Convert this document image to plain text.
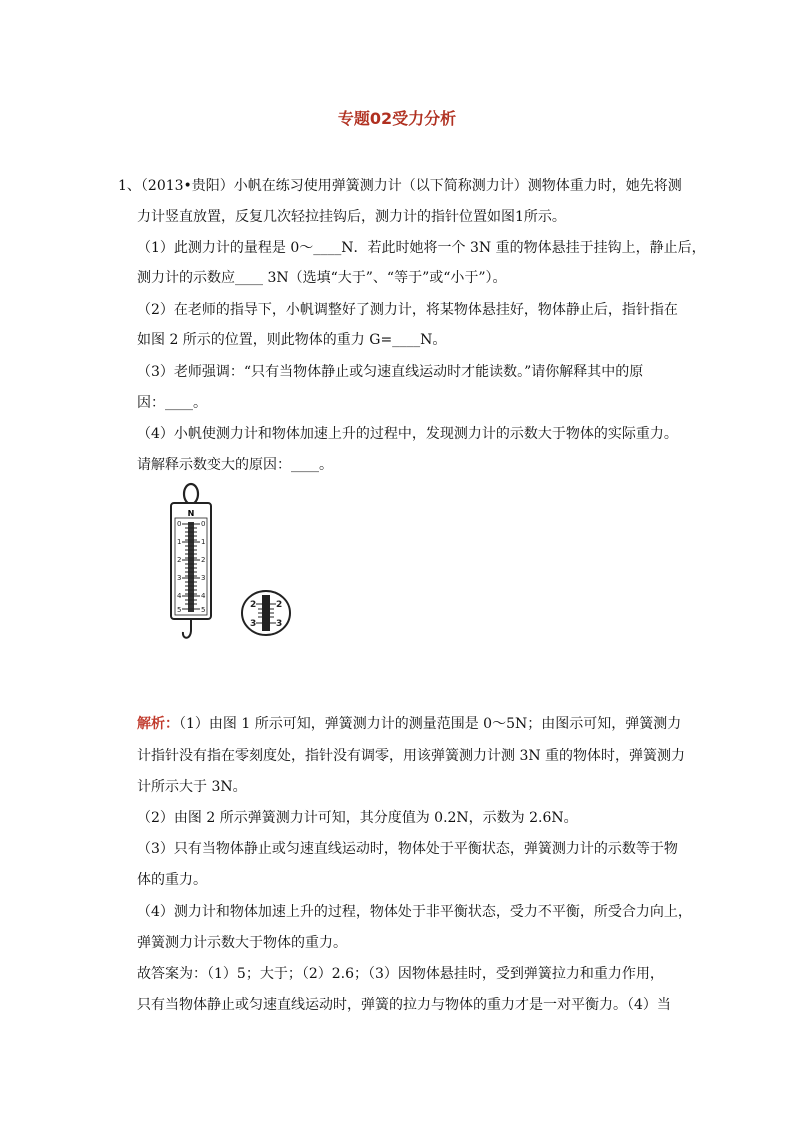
专题02受力分析
1、（2013•贵阳）小帆在练习使用弹簧测力计（以下简称测力计）测物体重力时，她先将测
力计竖直放置，反复几次轻拉挂钩后，测力计的指针位置如图1所示。
（1）此测力计的量程是 0～____N．若此时她将一个 3N 重的物体悬挂于挂钩上，静止后，
测力计的示数应____ 3N（选填“大于”、“等于”或“小于”）。
（2）在老师的指导下，小帆调整好了测力计，将某物体悬挂好，物体静止后，指针指在
如图 2 所示的位置，则此物体的重力 G=____N。
（3）老师强调：“只有当物体静止或匀速直线运动时才能读数。”请你解释其中的原
因：____。
（4）小帆使测力计和物体加速上升的过程中，发现测力计的示数大于物体的实际重力。
请解释示数变大的原因：____。
N
0
1
2
3
4
5
0
1
2
3
4
5	2
3
2
3
解析：（1）由图 1 所示可知，弹簧测力计的测量范围是 0～5N；由图示可知，弹簧测力
计指针没有指在零刻度处，指针没有调零，用该弹簧测力计测 3N 重的物体时，弹簧测力
计所示大于 3N。
（2）由图 2 所示弹簧测力计可知，其分度值为 0.2N，示数为 2.6N。
（3）只有当物体静止或匀速直线运动时，物体处于平衡状态，弹簧测力计的示数等于物
体的重力。
（4）测力计和物体加速上升的过程，物体处于非平衡状态，受力不平衡，所受合力向上，
弹簧测力计示数大于物体的重力。
故答案为：（1）5；大于；（2）2.6；（3）因物体悬挂时，受到弹簧拉力和重力作用，
只有当物体静止或匀速直线运动时，弹簧的拉力与物体的重力才是一对平衡力。（4）当
